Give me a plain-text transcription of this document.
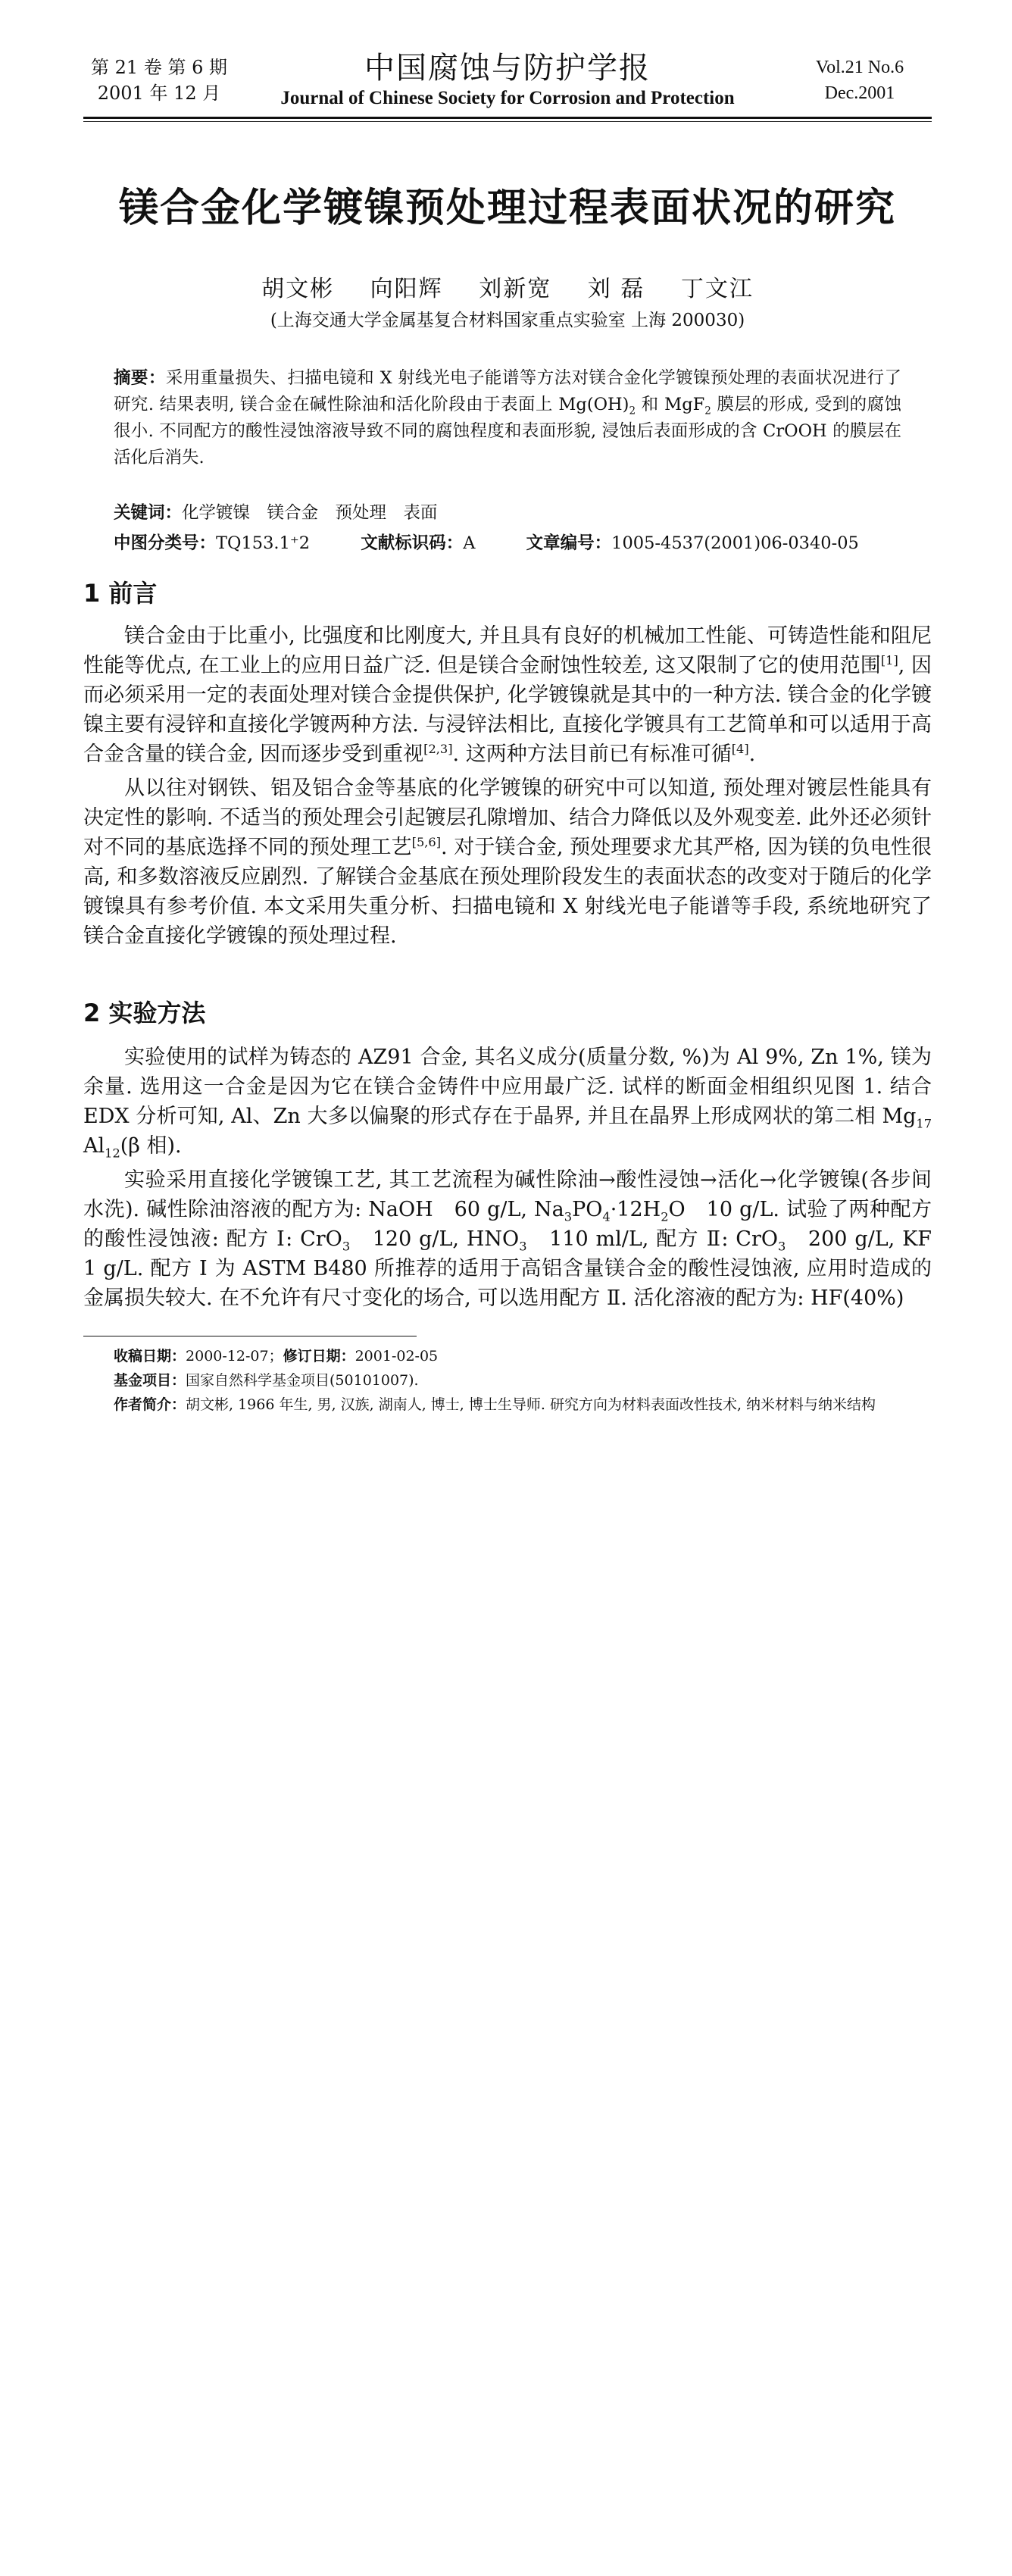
第 21 卷 第 6 期
2001 年 12 月
中国腐蚀与防护学报
Journal of Chinese Society for Corrosion and Protection
Vol.21 No.6
Dec.2001
镁合金化学镀镍预处理过程表面状况的研究
胡文彬 向阳辉 刘新宽 刘 磊 丁文江
(上海交通大学金属基复合材料国家重点实验室 上海 200030)
摘要：采用重量损失、扫描电镜和 X 射线光电子能谱等方法对镁合金化学镀镍预处理的表面状况进行了研究. 结果表明, 镁合金在碱性除油和活化阶段由于表面上 $Mg(OH)_2$ 和 MgF$_2$ 膜层的形成, 受到的腐蚀很小. 不同配方的酸性浸蚀溶液导致不同的腐蚀程度和表面形貌, 浸蚀后表面形成的含 CrOOH 的膜层在活化后消失.
关键词：化学镀镍　镁合金　预处理　表面
中图分类号：TQ153.1⁺2	文献标识码：A	文章编号：1005-4537(2001)06-0340-05
1 前言

镁合金由于比重小, 比强度和比刚度大, 并且具有良好的机械加工性能、可铸造性能和阻尼性能等优点, 在工业上的应用日益广泛. 但是镁合金耐蚀性较差, 这又限制了它的使用范围[1], 因而必须采用一定的表面处理对镁合金提供保护, 化学镀镍就是其中的一种方法. 镁合金的化学镀镍主要有浸锌和直接化学镀两种方法. 与浸锌法相比, 直接化学镀具有工艺简单和可以适用于高合金含量的镁合金, 因而逐步受到重视[2,3]. 这两种方法目前已有标准可循[4].

从以往对钢铁、铝及铝合金等基底的化学镀镍的研究中可以知道, 预处理对镀层性能具有决定性的影响. 不适当的预处理会引起镀层孔隙增加、结合力降低以及外观变差. 此外还必须针对不同的基底选择不同的预处理工艺[5,6]. 对于镁合金, 预处理要求尤其严格, 因为镁的负电性很高, 和多数溶液反应剧烈. 了解镁合金基底在预处理阶段发生的表面状态的改变对于随后的化学镀镍具有参考价值. 本文采用失重分析、扫描电镜和 X 射线光电子能谱等手段, 系统地研究了镁合金直接化学镀镍的预处理过程.

2 实验方法

实验使用的试样为铸态的 AZ91 合金, 其名义成分(质量分数, %)为 Al 9%, Zn 1%, 镁为余量. 选用这一合金是因为它在镁合金铸件中应用最广泛. 试样的断面金相组织见图 1. 结合 EDX 分析可知, Al、Zn 大多以偏聚的形式存在于晶界, 并且在晶界上形成网状的第二相 $Mg_{17}$ $Al_{12}(\beta$ 相).

实验采用直接化学镀镍工艺, 其工艺流程为碱性除油→酸性浸蚀→活化→化学镀镍(各步间水洗). 碱性除油溶液的配方为: NaOH　60 g/L, $Na_3PO_4\cdot 12H_2O$　10 g/L. 试验了两种配方的酸性浸蚀液: 配方 Ⅰ: CrO$_3$　120 g/L, $HNO_3$　110 ml/L, 配方 Ⅱ: CrO$_3$　200 g/L, KF　1 g/L. 配方 Ⅰ 为 ASTM B480 所推荐的适用于高铝含量镁合金的酸性浸蚀液, 应用时造成的金属损失较大. 在不允许有尺寸变化的场合, 可以选用配方 Ⅱ. 活化溶液的配方为: HF(40%)

收稿日期：2000-12-07；修订日期：2001-02-05
基金项目：国家自然科学基金项目(50101007).
作者简介：胡文彬, 1966 年生, 男, 汉族, 湖南人, 博士, 博士生导师. 研究方向为材料表面改性技术, 纳米材料与纳米结构
